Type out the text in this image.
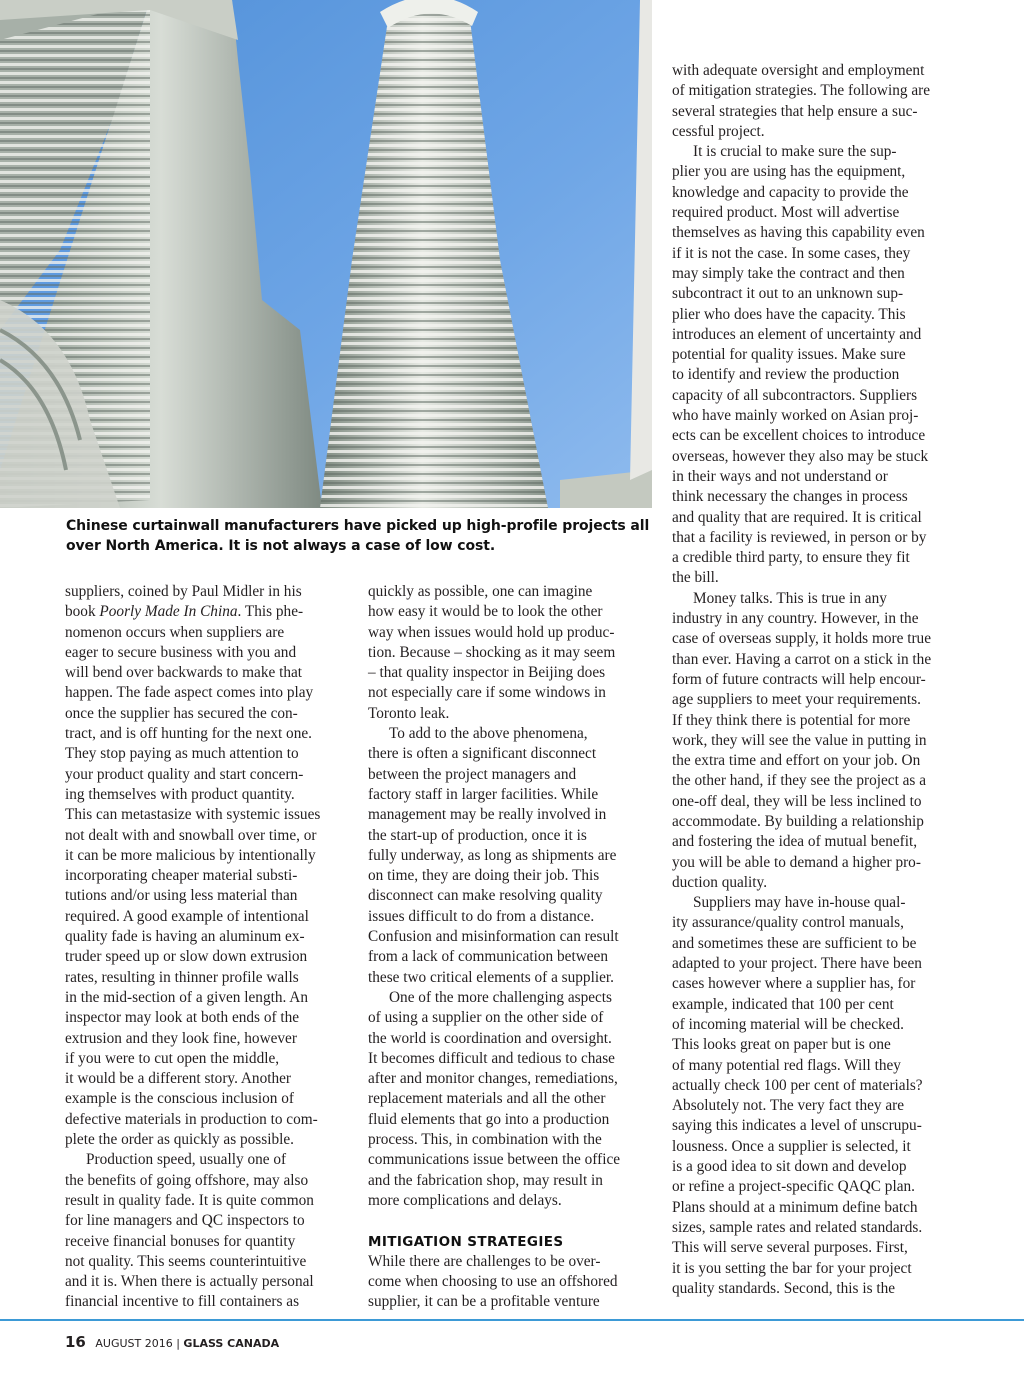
Chinese curtainwall manufacturers have picked up high-profile projects all

over North America. It is not always a case of low cost.

suppliers, coined by Paul Midler in his
book Poorly Made In China. This phe-
nomenon occurs when suppliers are
eager to secure business with you and
will bend over backwards to make that
happen. The fade aspect comes into play
once the supplier has secured the con-
tract, and is off hunting for the next one.
They stop paying as much attention to
your product quality and start concern-
ing themselves with product quantity.
This can metastasize with systemic issues
not dealt with and snowball over time, or
it can be more malicious by intentionally
incorporating cheaper material substi-
tutions and/or using less material than
required. A good example of intentional
quality fade is having an aluminum ex-
truder speed up or slow down extrusion
rates, resulting in thinner profile walls
in the mid-section of a given length. An
inspector may look at both ends of the
extrusion and they look fine, however
if you were to cut open the middle,
it would be a different story. Another
example is the conscious inclusion of
defective materials in production to com-
plete the order as quickly as possible.
Production speed, usually one of
the benefits of going offshore, may also
result in quality fade. It is quite common
for line managers and QC inspectors to
receive financial bonuses for quantity
not quality. This seems counterintuitive
and it is. When there is actually personal
financial incentive to fill containers as
quickly as possible, one can imagine
how easy it would be to look the other
way when issues would hold up produc-
tion. Because – shocking as it may seem
– that quality inspector in Beijing does
not especially care if some windows in
Toronto leak.
To add to the above phenomena,
there is often a significant disconnect
between the project managers and
factory staff in larger facilities. While
management may be really involved in
the start-up of production, once it is
fully underway, as long as shipments are
on time, they are doing their job. This
disconnect can make resolving quality
issues difficult to do from a distance.
Confusion and misinformation can result
from a lack of communication between
these two critical elements of a supplier.
One of the more challenging aspects
of using a supplier on the other side of
the world is coordination and oversight.
It becomes difficult and tedious to chase
after and monitor changes, remediations,
replacement materials and all the other
fluid elements that go into a production
process. This, in combination with the
communications issue between the office
and the fabrication shop, may result in
more complications and delays.
MITIGATION STRATEGIES
While there are challenges to be over-
come when choosing to use an offshored
supplier, it can be a profitable venture
with adequate oversight and employment
of mitigation strategies. The following are
several strategies that help ensure a suc-
cessful project.
It is crucial to make sure the sup-
plier you are using has the equipment,
knowledge and capacity to provide the
required product. Most will advertise
themselves as having this capability even
if it is not the case. In some cases, they
may simply take the contract and then
subcontract it out to an unknown sup-
plier who does have the capacity. This
introduces an element of uncertainty and
potential for quality issues. Make sure
to identify and review the production
capacity of all subcontractors. Suppliers
who have mainly worked on Asian proj-
ects can be excellent choices to introduce
overseas, however they also may be stuck
in their ways and not understand or
think necessary the changes in process
and quality that are required. It is critical
that a facility is reviewed, in person or by
a credible third party, to ensure they fit
the bill.
Money talks. This is true in any
industry in any country. However, in the
case of overseas supply, it holds more true
than ever. Having a carrot on a stick in the
form of future contracts will help encour-
age suppliers to meet your requirements.
If they think there is potential for more
work, they will see the value in putting in
the extra time and effort on your job. On
the other hand, if they see the project as a
one-off deal, they will be less inclined to
accommodate. By building a relationship
and fostering the idea of mutual benefit,
you will be able to demand a higher pro-
duction quality.
Suppliers may have in-house qual-
ity assurance/quality control manuals,
and sometimes these are sufficient to be
adapted to your project. There have been
cases however where a supplier has, for
example, indicated that 100 per cent
of incoming material will be checked.
This looks great on paper but is one
of many potential red flags. Will they
actually check 100 per cent of materials?
Absolutely not. The very fact they are
saying this indicates a level of unscrupu-
lousness. Once a supplier is selected, it
is a good idea to sit down and develop
or refine a project-specific QAQC plan.
Plans should at a minimum define batch
sizes, sample rates and related standards.
This will serve several purposes. First,
it is you setting the bar for your project
quality standards. Second, this is the
16 AUGUST 2016 | GLASS CANADA
